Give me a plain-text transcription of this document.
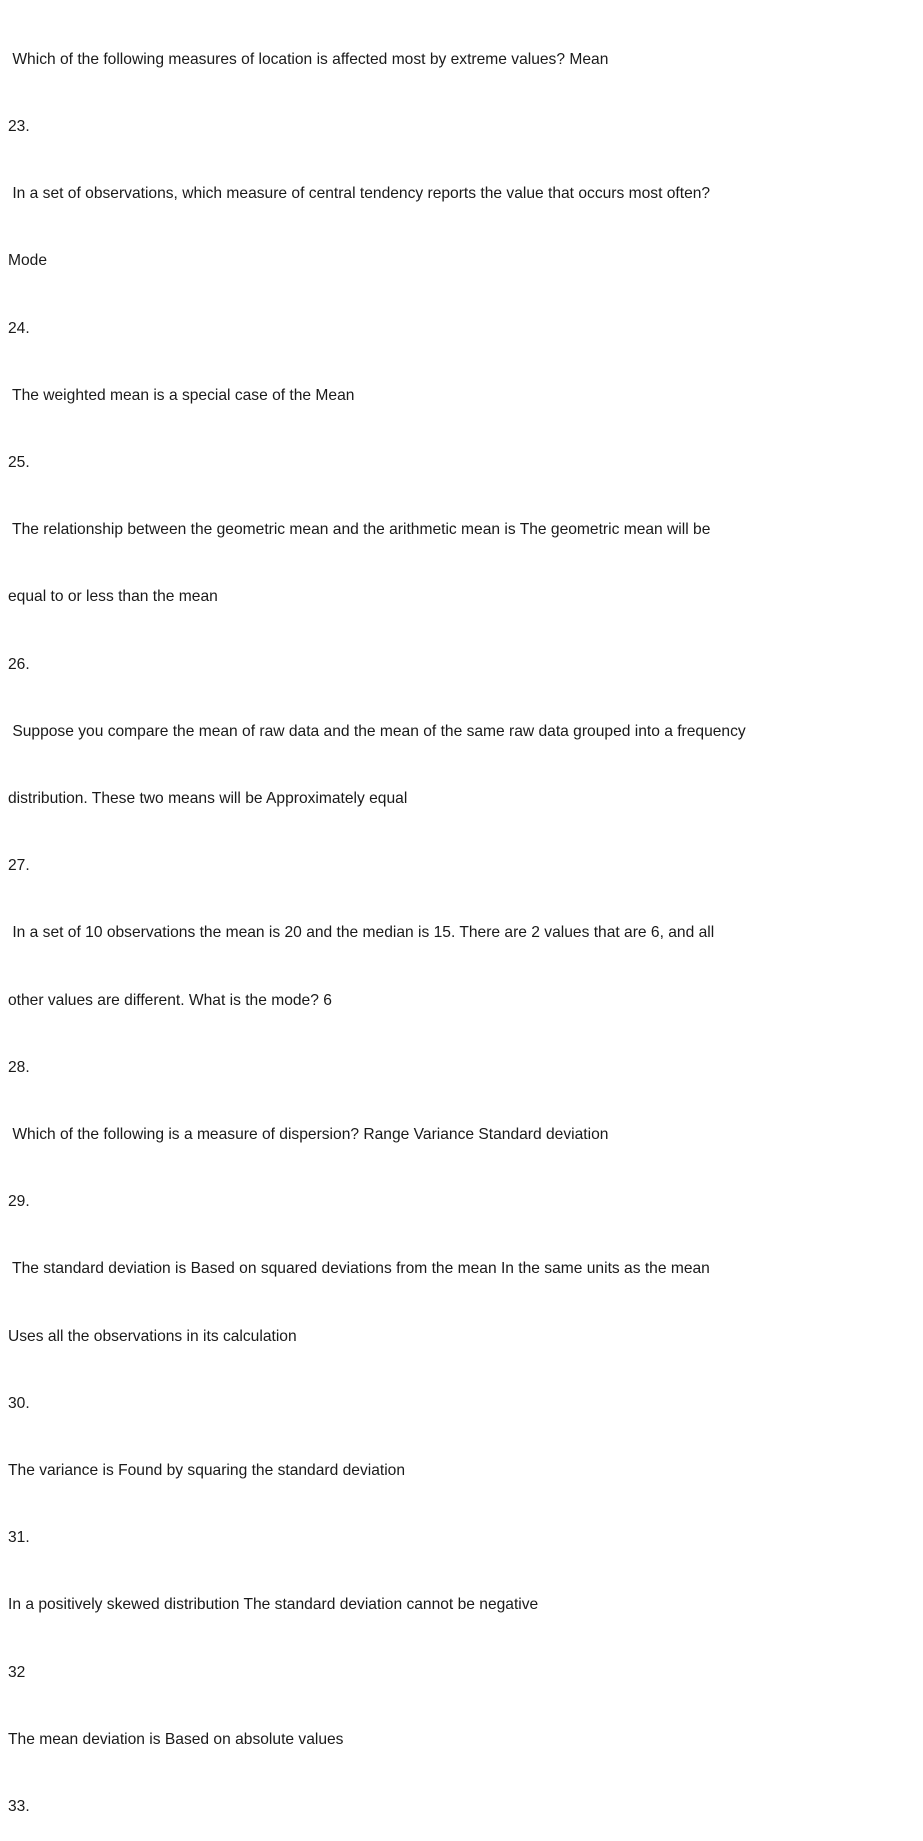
Which of the following measures of location is affected most by extreme values? Mean

23.

In a set of observations, which measure of central tendency reports the value that occurs most often?

Mode

24.

The weighted mean is a special case of the Mean

25.

The relationship between the geometric mean and the arithmetic mean is The geometric mean will be

equal to or less than the mean

26.

Suppose you compare the mean of raw data and the mean of the same raw data grouped into a frequency

distribution. These two means will be Approximately equal

27.

In a set of 10 observations the mean is 20 and the median is 15. There are 2 values that are 6, and all

other values are different. What is the mode? 6

28.

Which of the following is a measure of dispersion? Range Variance Standard deviation

29.

The standard deviation is Based on squared deviations from the mean In the same units as the mean

Uses all the observations in its calculation

30.

The variance is Found by squaring the standard deviation

31.

In a positively skewed distribution The standard deviation cannot be negative

32

The mean deviation is Based on absolute values

33.
